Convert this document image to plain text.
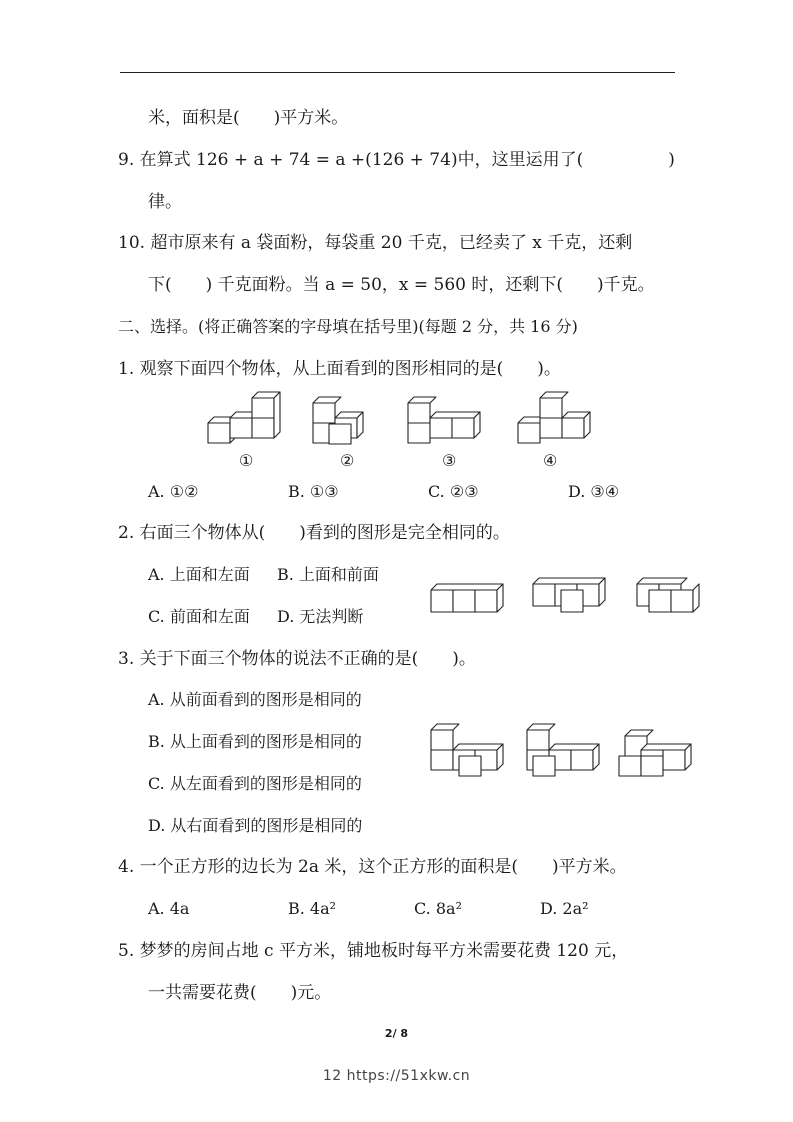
米，面积是(　　)平方米。
9. 在算式 126 + a + 74 = a +(126 + 74)中，这里运用了(　　　　　)
律。
10. 超市原来有 a 袋面粉，每袋重 20 千克，已经卖了 x 千克，还剩
下(　　) 千克面粉。当 a = 50，x = 560 时，还剩下(　　)千克。
二、选择。(将正确答案的字母填在括号里)(每题 2 分，共 16 分)
1. 观察下面四个物体，从上面看到的图形相同的是(　　)。
①	②	③	④
A. ①②	B. ①③	C. ②③	D. ③④
2. 右面三个物体从(　　)看到的图形是完全相同的。
A. 上面和左面 B. 上面和前面
C. 前面和左面 D. 无法判断
3. 关于下面三个物体的说法不正确的是(　　)。
A. 从前面看到的图形是相同的
B. 从上面看到的图形是相同的
C. 从左面看到的图形是相同的
D. 从右面看到的图形是相同的
4. 一个正方形的边长为 2a 米，这个正方形的面积是(　　)平方米。
A. 4a	B. 4a²	C. 8a²	D. 2a²
5. 梦梦的房间占地 c 平方米，铺地板时每平方米需要花费 120 元，
一共需要花费(　　)元。
2/ 8
12 https://51xkw.cn
